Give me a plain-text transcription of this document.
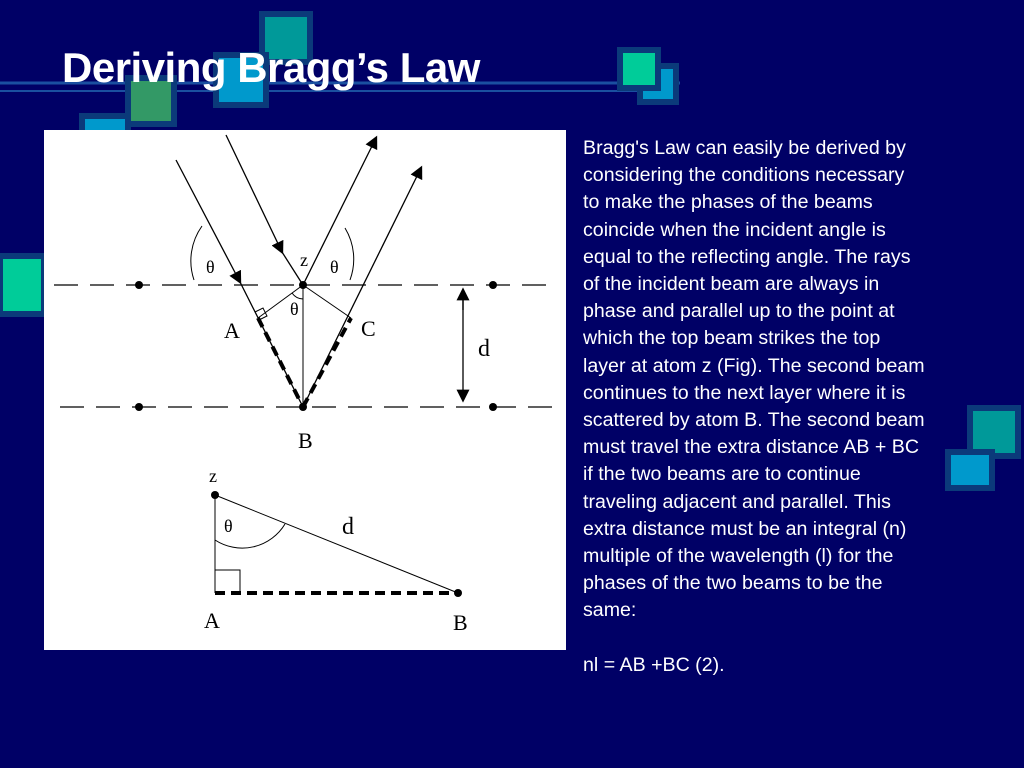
Deriving Bragg’s Law
θ	z θ
θ
A	C
d
B
z
θ	d
A	B

Bragg's Law can easily be derived by
considering the conditions necessary
to make the phases of the beams
coincide when the incident angle is
equal to the reflecting angle. The rays
of the incident beam are always in
phase and parallel up to the point at
which the top beam strikes the top
layer at atom z (Fig). The second beam
continues to the next layer where it is
scattered by atom B. The second beam
must travel the extra distance AB + BC
if the two beams are to continue
traveling adjacent and parallel. This
extra distance must be an integral (n)
multiple of the wavelength (l) for the
phases of the two beams to be the
same:

nl = AB +BC (2).
